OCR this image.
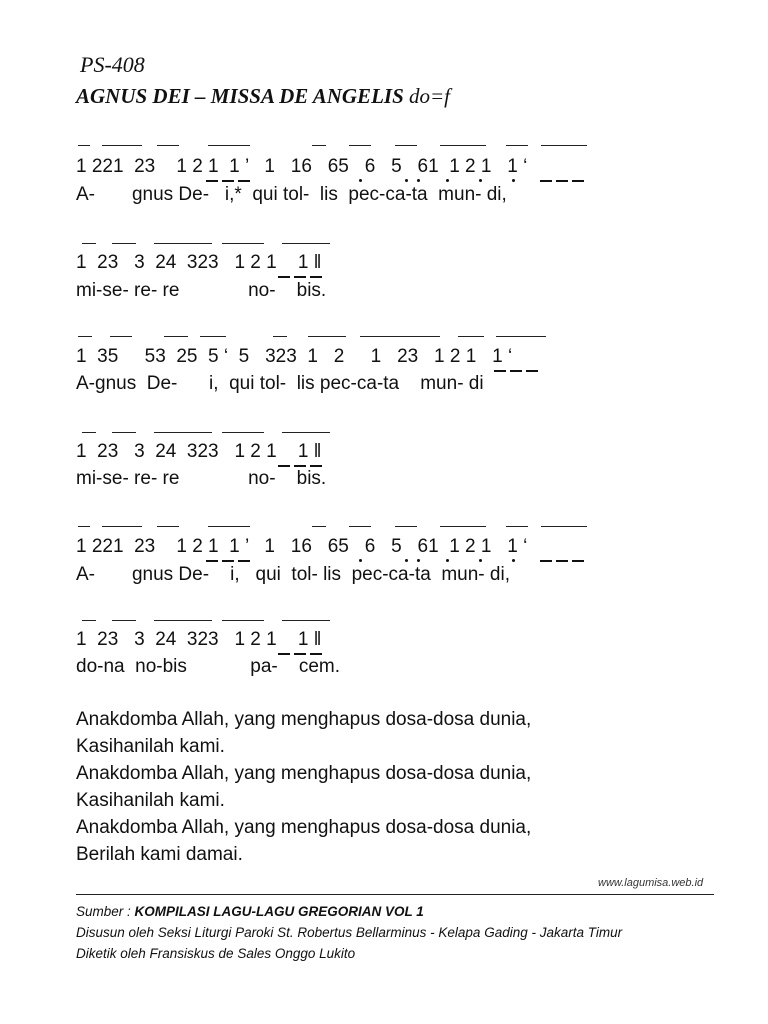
PS-408
AGNUS DEI – MISSA DE ANGELIS do=f
1 221  23    1 2 1  1 ’   1   16   65   6   5   61  1 2 1   1 ‘
A-       gnus De-   i,*  qui tol-  lis  pec-ca-ta  mun- di,
1  23   3  24  323   1 2 1    1 ‖
mi-se- re- re             no-    bis.
1  35     53  25  5 ‘  5   323  1   2     1   23   1 2 1   1 ‘
A-gnus  De-      i,  qui tol-  lis pec-ca-ta    mun- di
1  23   3  24  323   1 2 1    1 ‖
mi-se- re- re             no-    bis.
1 221  23    1 2 1  1 ’   1   16   65   6   5   61  1 2 1   1 ‘
A-       gnus De-    i,   qui  tol- lis  pec-ca-ta  mun- di,
1  23   3  24  323   1 2 1    1 ‖
do-na  no-bis            pa-    cem.
Anakdomba Allah, yang menghapus dosa-dosa dunia,
Kasihanilah kami.
Anakdomba Allah, yang menghapus dosa-dosa dunia,
Kasihanilah kami.
Anakdomba Allah, yang menghapus dosa-dosa dunia,
Berilah kami damai.
www.lagumisa.web.id
Sumber : KOMPILASI LAGU-LAGU GREGORIAN VOL 1
Disusun oleh Seksi Liturgi Paroki St. Robertus Bellarminus - Kelapa Gading - Jakarta Timur
Diketik oleh Fransiskus de Sales Onggo Lukito
